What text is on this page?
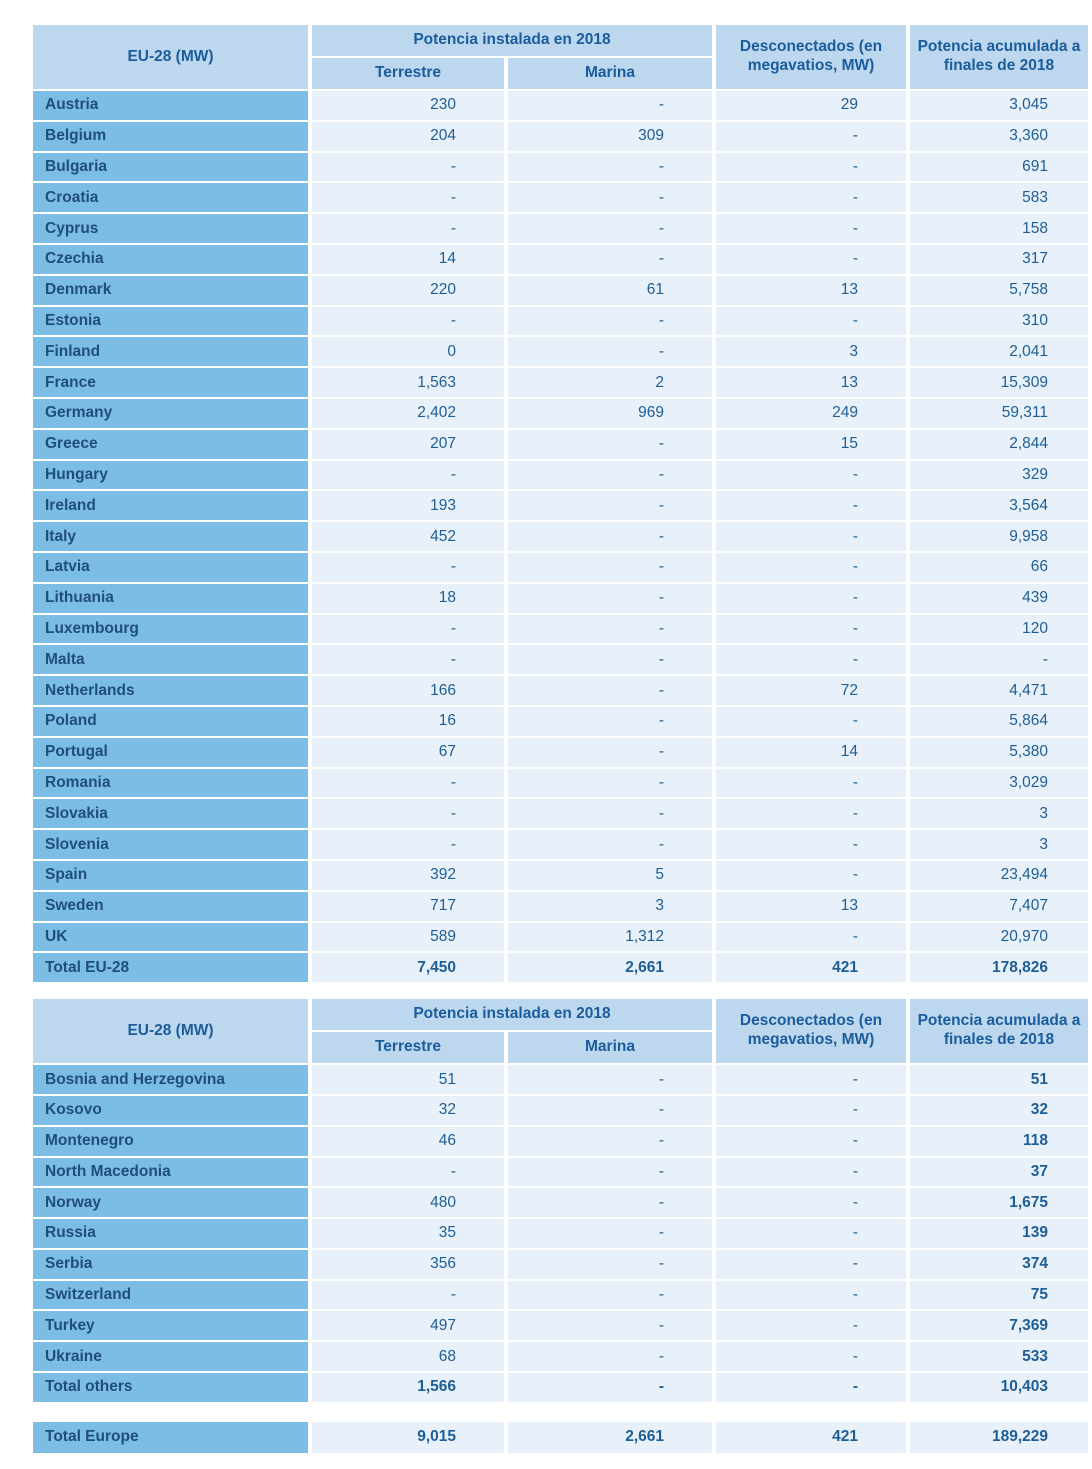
EU-28 (MW)
Potencia instalada en 2018
Terrestre	Marina
Desconectados (en megavatios, MW)
Potencia acumulada a finales de 2018
Austria	230	-	29	3,045
Belgium	204	309	-	3,360
Bulgaria	-	-	-	691
Croatia	-	-	-	583
Cyprus	-	-	-	158
Czechia	14	-	-	317
Denmark	220	61	13	5,758
Estonia	-	-	-	310
Finland	0	-	3	2,041
France	1,563	2	13	15,309
Germany	2,402	969	249	59,311
Greece	207	-	15	2,844
Hungary	-	-	-	329
Ireland	193	-	-	3,564
Italy	452	-	-	9,958
Latvia	-	-	-	66
Lithuania	18	-	-	439
Luxembourg	-	-	-	120
Malta	-	-	-	-
Netherlands	166	-	72	4,471
Poland	16	-	-	5,864
Portugal	67	-	14	5,380
Romania	-	-	-	3,029
Slovakia	-	-	-	3
Slovenia	-	-	-	3
Spain	392	5	-	23,494
Sweden	717	3	13	7,407
UK	589	1,312	-	20,970
Total EU-28	7,450	2,661	421	178,826
EU-28 (MW)
Potencia instalada en 2018
Terrestre	Marina
Desconectados (en megavatios, MW)
Potencia acumulada a finales de 2018
Bosnia and Herzegovina	51	-	-	51
Kosovo	32	-	-	32
Montenegro	46	-	-	118
North Macedonia	-	-	-	37
Norway	480	-	-	1,675
Russia	35	-	-	139
Serbia	356	-	-	374
Switzerland	-	-	-	75
Turkey	497	-	-	7,369
Ukraine	68	-	-	533
Total others	1,566	-	-	10,403
Total Europe	9,015	2,661	421	189,229
